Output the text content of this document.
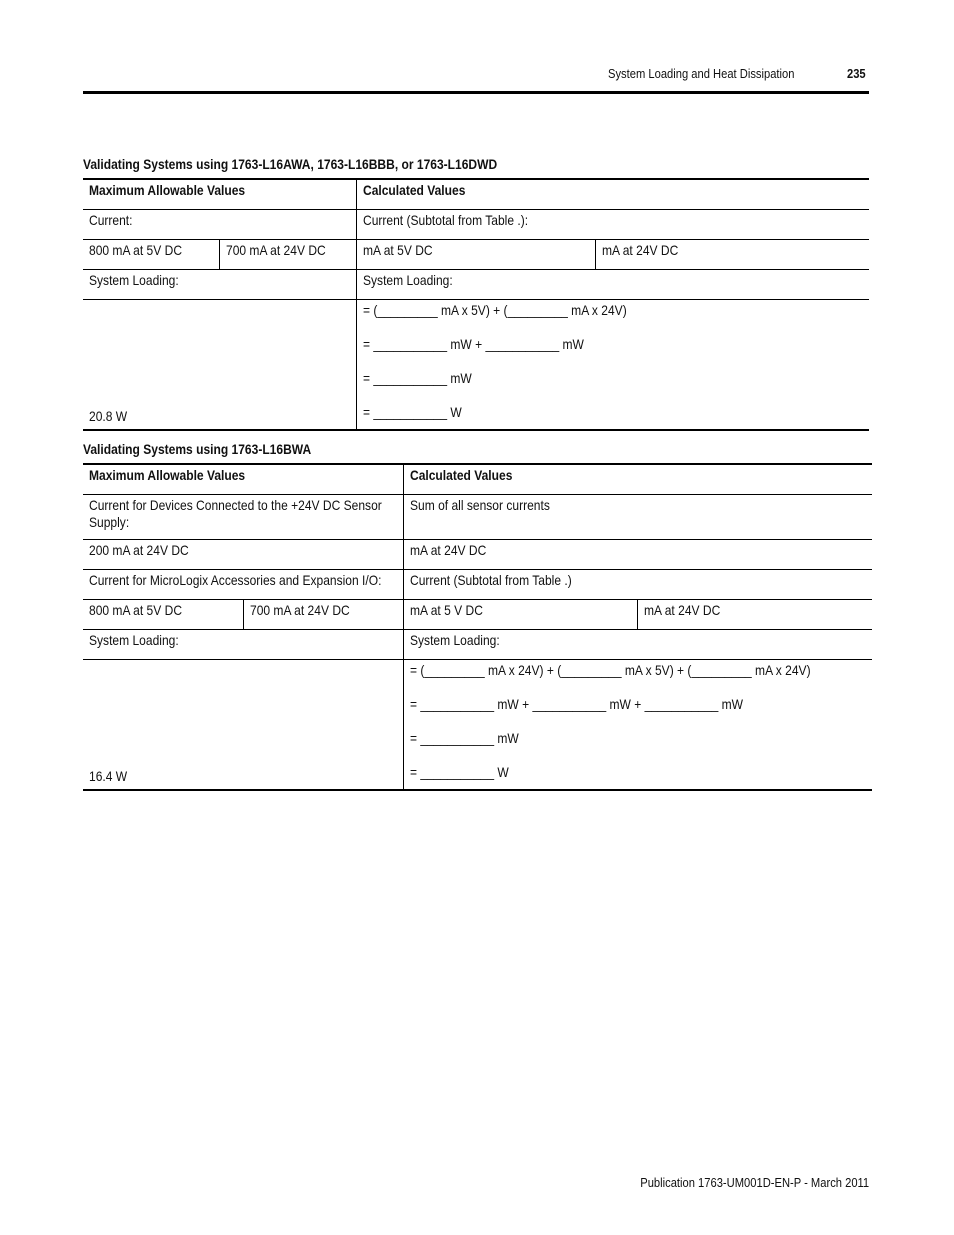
System Loading and Heat Dissipation	235
Validating Systems using 1763-L16AWA, 1763-L16BBB, or 1763-L16DWD
Maximum Allowable Values		Calculated Values	
Current:		Current (Subtotal from Table .):	
800 mA at 5V DC	700 mA at 24V DC	mA at 5V DC	mA at 24V DC
System Loading:		System Loading:	

20.8 W		= (_________ mA x 5V) + (_________ mA x 24V)
= ___________ mW + ___________ mW
= ___________ mW
= ___________ W	
Validating Systems using 1763-L16BWA
Maximum Allowable Values		Calculated Values	

Current for Devices Connected to the +24V DC Sensor Supply:		Sum of all sensor currents	
200 mA at 24V DC		mA at 24V DC	
Current for MicroLogix Accessories and Expansion I/O:		Current (Subtotal from Table .)	
800 mA at 5V DC	700 mA at 24V DC	mA at 5 V DC	mA at 24V DC
System Loading:		System Loading:	

16.4 W		= (_________ mA x 24V) + (_________ mA x 5V) + (_________ mA x 24V)
= ___________ mW + ___________ mW + ___________ mW
= ___________ mW
= ___________ W	
Publication 1763-UM001D-EN-P - March 2011
